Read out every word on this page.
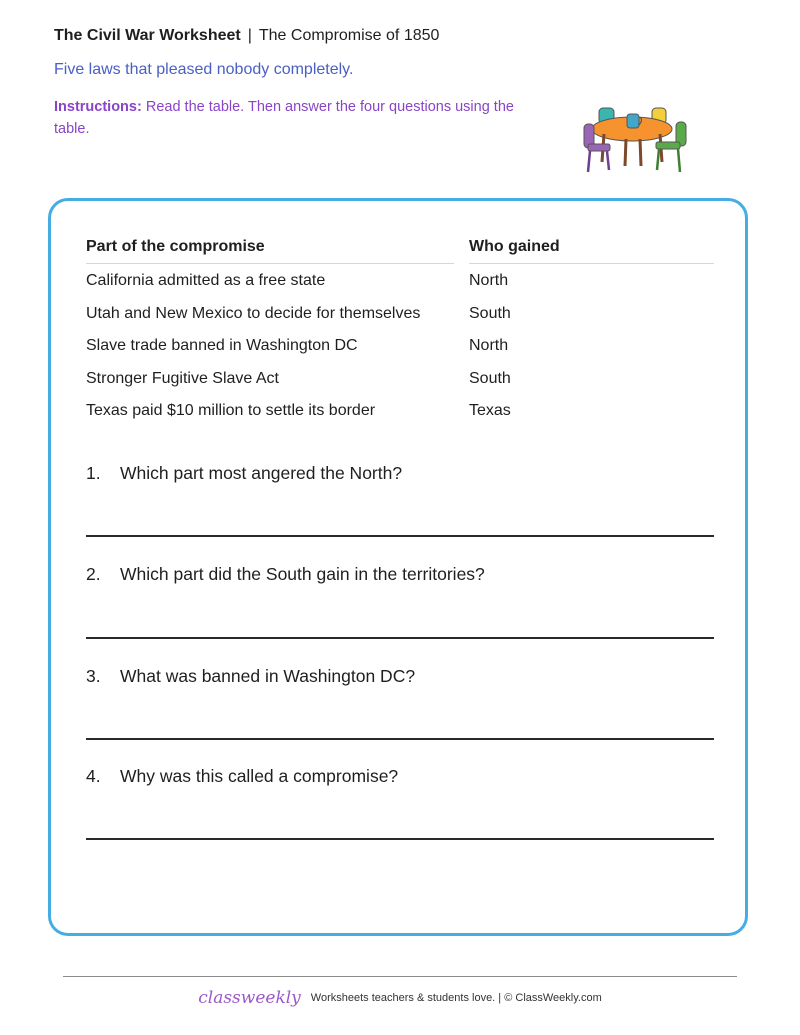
The Civil War Worksheet | The Compromise of 1850
Five laws that pleased nobody completely.
Instructions: Read the table. Then answer the four questions using the table.
Part of the compromise	Who gained
California admitted as a free state	North
Utah and New Mexico to decide for themselves	South
Slave trade banned in Washington DC	North
Stronger Fugitive Slave Act	South
Texas paid $10 million to settle its border	Texas
1. Which part most angered the North?
2. Which part did the South gain in the territories?
3. What was banned in Washington DC?
4. Why was this called a compromise?
classweekly Worksheets teachers & students love. | © ClassWeekly.com
